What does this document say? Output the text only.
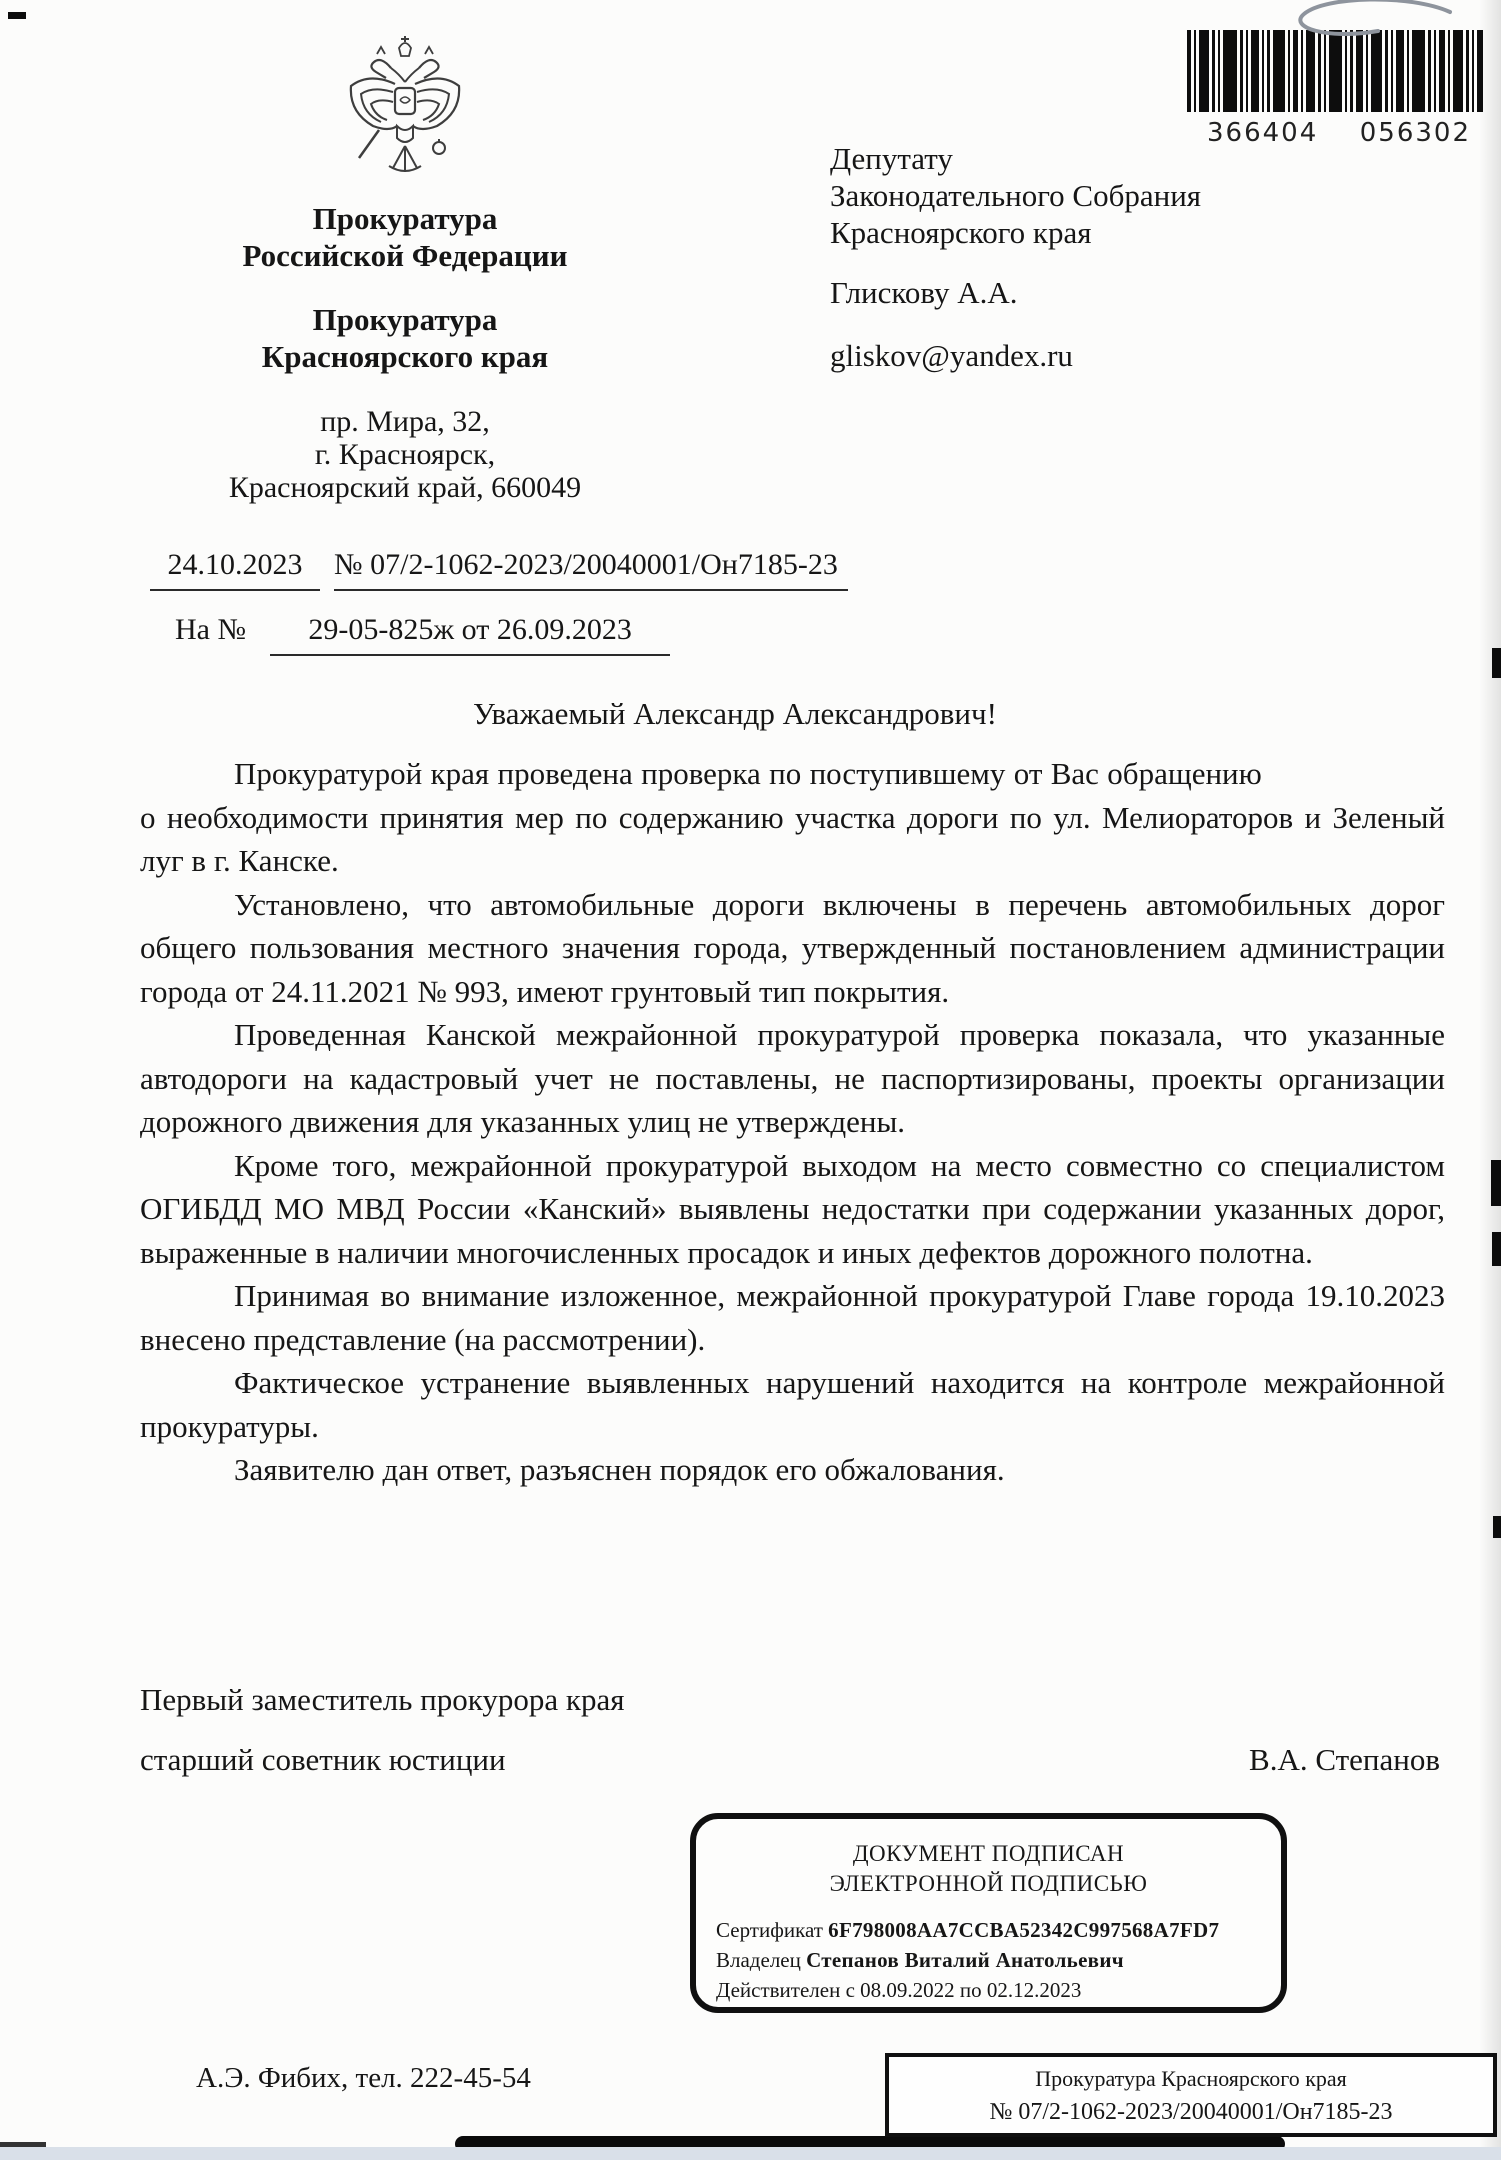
Прокуратура
Российской Федерации
Прокуратура
Красноярского края
пр. Мира, 32,
г. Красноярск,
Красноярский край, 660049
24.10.2023 № 07/2-1062-2023/20040001/Он7185-23
На № 29-05-825ж от 26.09.2023
Депутату
Законодательного Собрания
Красноярского края
Глискову А.А.
gliskov@yandex.ru
366404 056302
Уважаемый Александр Александрович!

Прокуратурой края проведена проверка по поступившему от Вас обращению                       о необходимости принятия мер по содержанию участка дороги по ул. Мелиораторов и Зеленый луг в г. Канске.

Установлено, что автомобильные дороги включены в перечень автомобильных дорог общего пользования местного значения города, утвержденный постановлением администрации города от 24.11.2021 № 993, имеют грунтовый тип покрытия.

Проведенная Канской межрайонной прокуратурой проверка показала, что указанные автодороги на кадастровый учет не поставлены, не паспортизированы, проекты организации дорожного движения для указанных улиц не утверждены.

Кроме того, межрайонной прокуратурой выходом на место совместно со специалистом ОГИБДД МО МВД России «Канский» выявлены недостатки при содержании указанных дорог, выраженные в наличии многочисленных просадок и иных дефектов дорожного полотна.

Принимая во внимание изложенное, межрайонной прокуратурой Главе города 19.10.2023 внесено представление (на рассмотрении).

Фактическое устранение выявленных нарушений находится на контроле межрайонной прокуратуры.

Заявителю дан ответ, разъяснен порядок его обжалования.

Первый заместитель прокурора края
старший советник юстиции	В.А. Степанов
ДОКУМЕНТ ПОДПИСАН
ЭЛЕКТРОННОЙ ПОДПИСЬЮ
Сертификат 6F798008AA7CCBA52342C997568A7FD7
Владелец Степанов Виталий Анатольевич
Действителен с 08.09.2022 по 02.12.2023
А.Э. Фибих, тел. 222-45-54	Прокуратура Красноярского края
№ 07/2-1062-2023/20040001/Он7185-23
